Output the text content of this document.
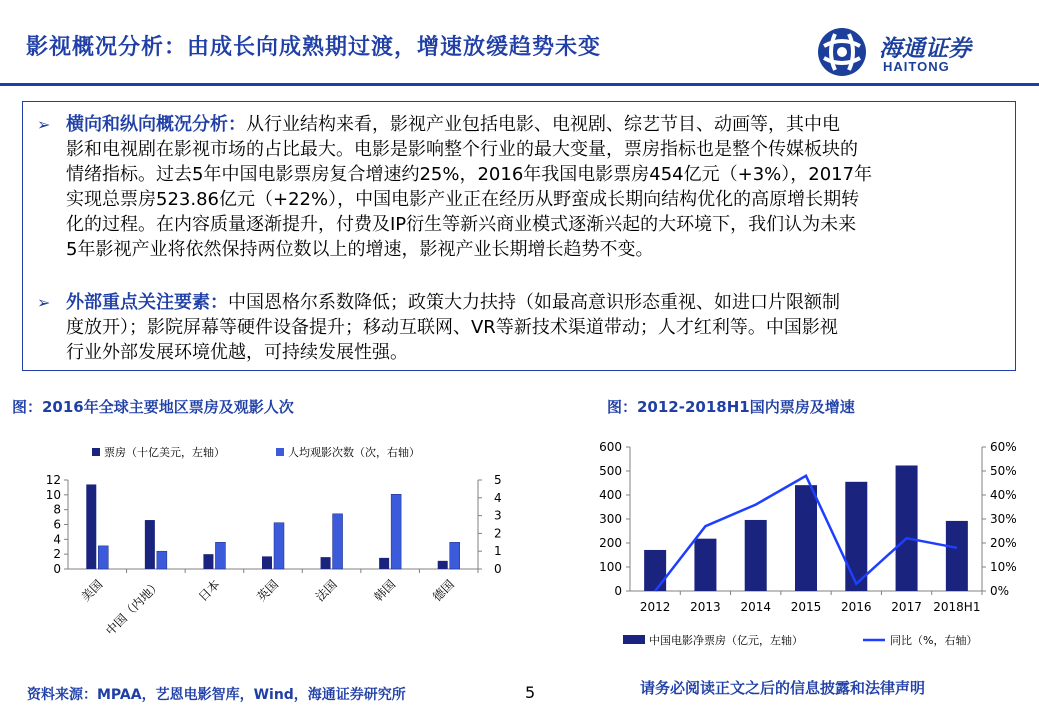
影视概况分析：由成长向成熟期过渡，增速放缓趋势未变	海通证券
HAITONG
➢ 横向和纵向概况分析：从行业结构来看，影视产业包括电影、电视剧、综艺节目、动画等，其中电
影和电视剧在影视市场的占比最大。电影是影响整个行业的最大变量，票房指标也是整个传媒板块的
情绪指标。过去5年中国电影票房复合增速约25%，2016年我国电影票房454亿元（+3%），2017年
实现总票房523.86亿元（+22%），中国电影产业正在经历从野蛮成长期向结构优化的高原增长期转
化的过程。在内容质量逐渐提升，付费及IP衍生等新兴商业模式逐渐兴起的大环境下，我们认为未来
5年影视产业将依然保持两位数以上的增速，影视产业长期增长趋势不变。
➢ 外部重点关注要素：中国恩格尔系数降低；政策大力扶持（如最高意识形态重视、如进口片限额制
度放开）；影院屏幕等硬件设备提升；移动互联网、VR等新技术渠道带动；人才红利等。中国影视
行业外部发展环境优越，可持续发展性强。
图：2016年全球主要地区票房及观影人次	图：2012-2018H1国内票房及增速
票房（十亿美元，左轴）	人均观影次数（次，右轴）
0
2
4
6
8
10
12
0
1
2
3
4
5
美国
中国（内地）	日本	英国	法国	韩国	德国	0
100
200
300
400
500
600
0%
10%
20%
30%
40%
50%
60%
2012 2013 2014 2015 2016 2017 2018H1
中国电影净票房（亿元，左轴）	同比（%，右轴）
资料来源：MPAA，艺恩电影智库，Wind，海通证券研究所	5	请务必阅读正文之后的信息披露和法律声明
